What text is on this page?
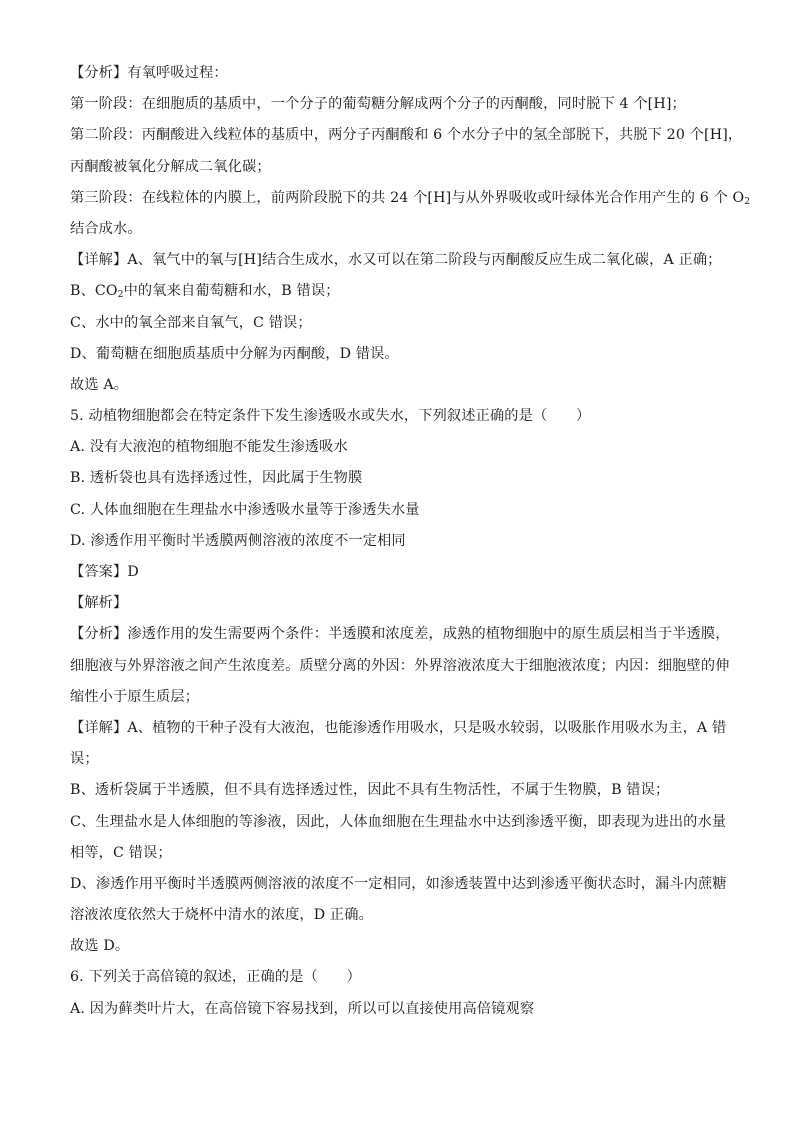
【分析】有氧呼吸过程：

第一阶段：在细胞质的基质中，一个分子的葡萄糖分解成两个分子的丙酮酸，同时脱下 4 个[H]；

第二阶段：丙酮酸进入线粒体的基质中，两分子丙酮酸和 6 个水分子中的氢全部脱下，共脱下 20 个[H]，

丙酮酸被氧化分解成二氧化碳；

第三阶段：在线粒体的内膜上，前两阶段脱下的共 24 个[H]与从外界吸收或叶绿体光合作用产生的 6 个 $O_2$

结合成水。

【详解】A、氧气中的氧与[H]结合生成水，水又可以在第二阶段与丙酮酸反应生成二氧化碳，A 正确；

B、$CO_2$中的氧来自葡萄糖和水，B 错误；

C、水中的氧全部来自氧气，C 错误；

D、葡萄糖在细胞质基质中分解为丙酮酸，D 错误。

故选 A。

5. 动植物细胞都会在特定条件下发生渗透吸水或失水，下列叙述正确的是（　　）

A. 没有大液泡的植物细胞不能发生渗透吸水

B. 透析袋也具有选择透过性，因此属于生物膜

C. 人体血细胞在生理盐水中渗透吸水量等于渗透失水量

D. 渗透作用平衡时半透膜两侧溶液的浓度不一定相同

【答案】D

【解析】

【分析】渗透作用的发生需要两个条件：半透膜和浓度差，成熟的植物细胞中的原生质层相当于半透膜，

细胞液与外界溶液之间产生浓度差。质壁分离的外因：外界溶液浓度大于细胞液浓度；内因：细胞壁的伸

缩性小于原生质层；

【详解】A、植物的干种子没有大液泡，也能渗透作用吸水，只是吸水较弱，以吸胀作用吸水为主，A 错

误；

B、透析袋属于半透膜，但不具有选择透过性，因此不具有生物活性，不属于生物膜，B 错误；

C、生理盐水是人体细胞的等渗液，因此，人体血细胞在生理盐水中达到渗透平衡，即表现为进出的水量

相等，C 错误；

D、渗透作用平衡时半透膜两侧溶液的浓度不一定相同，如渗透装置中达到渗透平衡状态时，漏斗内蔗糖

溶液浓度依然大于烧杯中清水的浓度，D 正确。

故选 D。

6. 下列关于高倍镜的叙述，正确的是（　　）

A. 因为藓类叶片大，在高倍镜下容易找到，所以可以直接使用高倍镜观察
